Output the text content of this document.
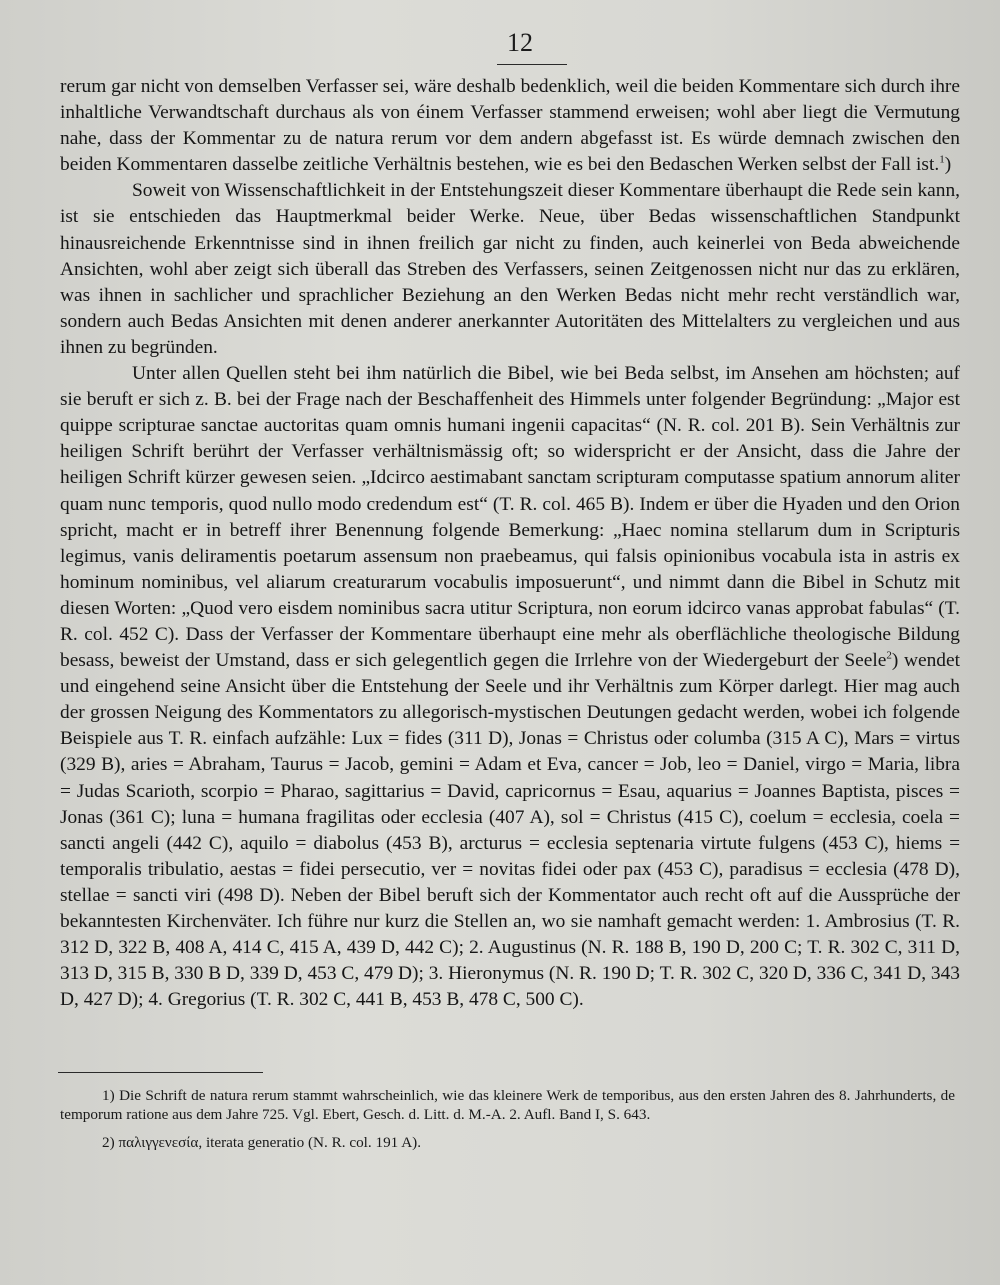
12

rerum gar nicht von demselben Verfasser sei, wäre deshalb bedenklich, weil die beiden Kommentare sich durch ihre inhaltliche Verwandtschaft durchaus als von éinem Verfasser stammend erweisen; wohl aber liegt die Vermutung nahe, dass der Kommentar zu de natura rerum vor dem andern abgefasst ist. Es würde demnach zwischen den beiden Kommentaren dasselbe zeitliche Verhältnis bestehen, wie es bei den Bedaschen Werken selbst der Fall ist.$^1$)

Soweit von Wissenschaftlichkeit in der Entstehungszeit dieser Kommentare überhaupt die Rede sein kann, ist sie entschieden das Hauptmerkmal beider Werke. Neue, über Bedas wissenschaftlichen Standpunkt hinausreichende Erkenntnisse sind in ihnen freilich gar nicht zu finden, auch keinerlei von Beda abweichende Ansichten, wohl aber zeigt sich überall das Streben des Verfassers, seinen Zeitgenossen nicht nur das zu erklären, was ihnen in sachlicher und sprachlicher Beziehung an den Werken Bedas nicht mehr recht verständlich war, sondern auch Bedas Ansichten mit denen anderer anerkannter Autoritäten des Mittelalters zu vergleichen und aus ihnen zu begründen.

Unter allen Quellen steht bei ihm natürlich die Bibel, wie bei Beda selbst, im Ansehen am höchsten; auf sie beruft er sich z. B. bei der Frage nach der Beschaffenheit des Himmels unter folgender Begründung: „Major est quippe scripturae sanctae auctoritas quam omnis humani ingenii capacitas“ (N. R. col. 201 B). Sein Verhältnis zur heiligen Schrift berührt der Verfasser verhältnismässig oft; so widerspricht er der Ansicht, dass die Jahre der heiligen Schrift kürzer gewesen seien. „Idcirco aestimabant sanctam scripturam computasse spatium annorum aliter quam nunc temporis, quod nullo modo credendum est“ (T. R. col. 465 B). Indem er über die Hyaden und den Orion spricht, macht er in betreff ihrer Benennung folgende Bemerkung: „Haec nomina stellarum dum in Scripturis legimus, vanis deliramentis poetarum assensum non praebeamus, qui falsis opinionibus vocabula ista in astris ex hominum nominibus, vel aliarum creaturarum vocabulis imposuerunt“, und nimmt dann die Bibel in Schutz mit diesen Worten: „Quod vero eisdem nominibus sacra utitur Scriptura, non eorum idcirco vanas approbat fabulas“ (T. R. col. 452 C). Dass der Verfasser der Kommentare überhaupt eine mehr als oberflächliche theologische Bildung besass, beweist der Umstand, dass er sich gelegentlich gegen die Irrlehre von der Wiedergeburt der Seele$^2$) wendet und eingehend seine Ansicht über die Entstehung der Seele und ihr Verhältnis zum Körper darlegt. Hier mag auch der grossen Neigung des Kommentators zu allegorisch-mystischen Deutungen gedacht werden, wobei ich folgende Beispiele aus T. R. einfach aufzähle: Lux = fides (311 D), Jonas = Christus oder columba (315 A C), Mars = virtus (329 B), aries = Abraham, Taurus = Jacob, gemini = Adam et Eva, cancer = Job, leo = Daniel, virgo = Maria, libra = Judas Scarioth, scorpio = Pharao, sagittarius = David, capricornus = Esau, aquarius = Joannes Baptista, pisces = Jonas (361 C); luna = humana fragilitas oder ecclesia (407 A), sol = Christus (415 C), coelum = ecclesia, coela = sancti angeli (442 C), aquilo = diabolus (453 B), arcturus = ecclesia septenaria virtute fulgens (453 C), hiems = temporalis tribulatio, aestas = fidei persecutio, ver = novitas fidei oder pax (453 C), paradisus = ecclesia (478 D), stellae = sancti viri (498 D). Neben der Bibel beruft sich der Kommentator auch recht oft auf die Aussprüche der bekanntesten Kirchenväter. Ich führe nur kurz die Stellen an, wo sie namhaft gemacht werden: 1. Ambrosius (T. R. 312 D, 322 B, 408 A, 414 C, 415 A, 439 D, 442 C); 2. Augustinus (N. R. 188 B, 190 D, 200 C; T. R. 302 C, 311 D, 313 D, 315 B, 330 B D, 339 D, 453 C, 479 D); 3. Hieronymus (N. R. 190 D; T. R. 302 C, 320 D, 336 C, 341 D, 343 D, 427 D); 4. Gregorius (T. R. 302 C, 441 B, 453 B, 478 C, 500 C).

1) Die Schrift de natura rerum stammt wahrscheinlich, wie das kleinere Werk de temporibus, aus den ersten Jahren des 8. Jahrhunderts, de temporum ratione aus dem Jahre 725. Vgl. Ebert, Gesch. d. Litt. d. M.-A. 2. Aufl. Band I, S. 643.

2) παλιγγενεσία, iterata generatio (N. R. col. 191 A).
